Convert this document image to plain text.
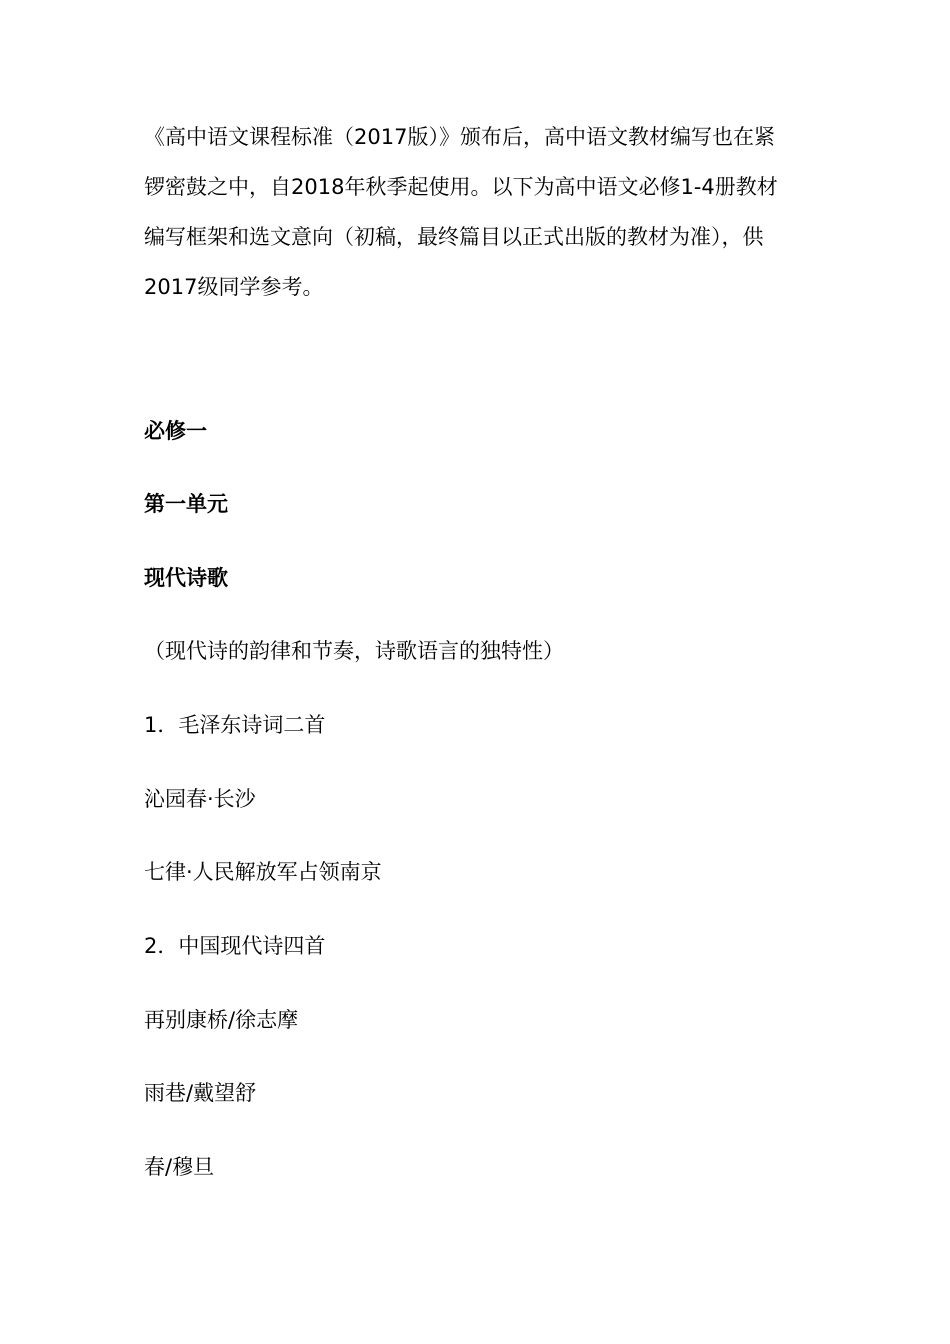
《高中语文课程标准（2017版）》颁布后，高中语文教材编写也在紧
锣密鼓之中，自2018年秋季起使用。以下为高中语文必修1-4册教材
编写框架和选文意向（初稿，最终篇目以正式出版的教材为准），供
2017级同学参考。

必修一

第一单元

现代诗歌

（现代诗的韵律和节奏，诗歌语言的独特性）

1．毛泽东诗词二首

沁园春·长沙

七律·人民解放军占领南京

2．中国现代诗四首

再别康桥/徐志摩

雨巷/戴望舒

春/穆旦
